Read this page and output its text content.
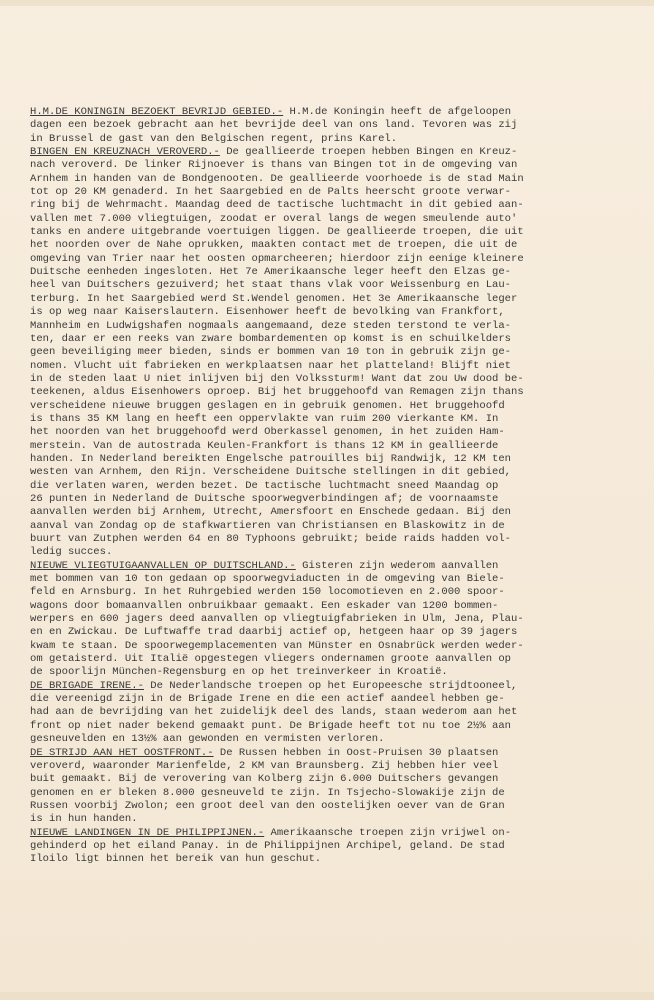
H.M.DE KONINGIN BEZOEKT BEVRIJD GEBIED.- H.M.de Koningin heeft de afgeloopen
dagen een bezoek gebracht aan het bevrijde deel van ons land. Tevoren was zij
in Brussel de gast van den Belgischen regent, prins Karel.
BINGEN EN KREUZNACH VEROVERD.- De geallieerde troepen hebben Bingen en Kreuz-
nach veroverd. De linker Rijnoever is thans van Bingen tot in de omgeving van
Arnhem in handen van de Bondgenooten. De geallieerde voorhoede is de stad Main
tot op 20 KM genaderd. In het Saargebied en de Palts heerscht groote verwar-
ring bij de Wehrmacht. Maandag deed de tactische luchtmacht in dit gebied aan-
vallen met 7.000 vliegtuigen, zoodat er overal langs de wegen smeulende auto'
tanks en andere uitgebrande voertuigen liggen. De geallieerde troepen, die uit
het noorden over de Nahe oprukken, maakten contact met de troepen, die uit de
omgeving van Trier naar het oosten opmarcheeren; hierdoor zijn eenige kleinere
Duitsche eenheden ingesloten. Het 7e Amerikaansche leger heeft den Elzas ge-
heel van Duitschers gezuiverd; het staat thans vlak voor Weissenburg en Lau-
terburg. In het Saargebied werd St.Wendel genomen. Het 3e Amerikaansche leger
is op weg naar Kaiserslautern. Eisenhower heeft de bevolking van Frankfort,
Mannheim en Ludwigshafen nogmaals aangemaand, deze steden terstond te verla-
ten, daar er een reeks van zware bombardementen op komst is en schuilkelders
geen beveiliging meer bieden, sinds er bommen van 10 ton in gebruik zijn ge-
nomen. Vlucht uit fabrieken en werkplaatsen naar het platteland! Blijft niet
in de steden laat U niet inlijven bij den Volkssturm! Want dat zou Uw dood be-
teekenen, aldus Eisenhowers oproep. Bij het bruggehoofd van Remagen zijn thans
verscheidene nieuwe bruggen geslagen en in gebruik genomen. Het bruggehoofd
is thans 35 KM lang en heeft een oppervlakte van ruim 200 vierkante KM. In
het noorden van het bruggehoofd werd Oberkassel genomen, in het zuiden Ham-
merstein. Van de autostrada Keulen-Frankfort is thans 12 KM in geallieerde
handen. In Nederland bereikten Engelsche patrouilles bij Randwijk, 12 KM ten
westen van Arnhem, den Rijn. Verscheidene Duitsche stellingen in dit gebied,
die verlaten waren, werden bezet. De tactische luchtmacht sneed Maandag op
26 punten in Nederland de Duitsche spoorwegverbindingen af; de voornaamste
aanvallen werden bij Arnhem, Utrecht, Amersfoort en Enschede gedaan. Bij den
aanval van Zondag op de stafkwartieren van Christiansen en Blaskowitz in de
buurt van Zutphen werden 64 en 80 Typhoons gebruikt; beide raids hadden vol-
ledig succes.
NIEUWE VLIEGTUIGAANVALLEN OP DUITSCHLAND.- Gisteren zijn wederom aanvallen
met bommen van 10 ton gedaan op spoorwegviaducten in de omgeving van Biele-
feld en Arnsburg. In het Ruhrgebied werden 150 locomotieven en 2.000 spoor-
wagons door bomaanvallen onbruikbaar gemaakt. Een eskader van 1200 bommen-
werpers en 600 jagers deed aanvallen op vliegtuigfabrieken in Ulm, Jena, Plau-
en en Zwickau. De Luftwaffe trad daarbij actief op, hetgeen haar op 39 jagers
kwam te staan. De spoorwegemplacementen van Münster en Osnabrück werden weder-
om getaisterd. Uit Italië opgestegen vliegers ondernamen groote aanvallen op
de spoorlijn München-Regensburg en op het treinverkeer in Kroatië.
DE BRIGADE IRENE.- De Nederlandsche troepen op het Europeesche strijdtooneel,
die vereenigd zijn in de Brigade Irene en die een actief aandeel hebben ge-
had aan de bevrijding van het zuidelijk deel des lands, staan wederom aan het
front op niet nader bekend gemaakt punt. De Brigade heeft tot nu toe 2½% aan
gesneuvelden en 13½% aan gewonden en vermisten verloren.
DE STRIJD AAN HET OOSTFRONT.- De Russen hebben in Oost-Pruisen 30 plaatsen
veroverd, waaronder Marienfelde, 2 KM van Braunsberg. Zij hebben hier veel
buit gemaakt. Bij de verovering van Kolberg zijn 6.000 Duitschers gevangen
genomen en er bleken 8.000 gesneuveld te zijn. In Tsjecho-Slowakije zijn de
Russen voorbij Zwolon; een groot deel van den oostelijken oever van de Gran
is in hun handen.
NIEUWE LANDINGEN IN DE PHILIPPIJNEN.- Amerikaansche troepen zijn vrijwel on-
gehinderd op het eiland Panay. in de Philippijnen Archipel, geland. De stad
Iloilo ligt binnen het bereik van hun geschut.
